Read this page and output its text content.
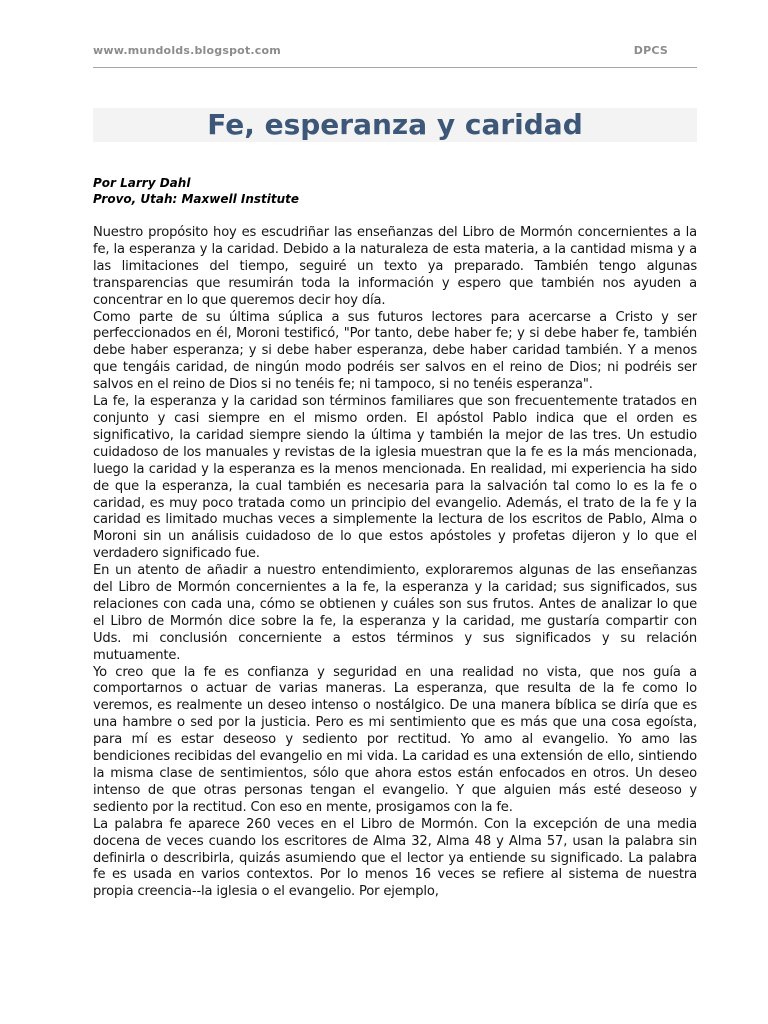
www.mundolds.blogspot.com	DPCS
Fe, esperanza y caridad
Por Larry Dahl
Provo, Utah: Maxwell Institute

Nuestro propósito hoy es escudriñar las enseñanzas del Libro de Mormón concernientes a la fe, la esperanza y la caridad. Debido a la naturaleza de esta materia, a la cantidad misma y a las limitaciones del tiempo, seguiré un texto ya preparado. También tengo algunas transparencias que resumirán toda la información y espero que también nos ayuden a concentrar en lo que queremos decir hoy día.

Como parte de su última súplica a sus futuros lectores para acercarse a Cristo y ser perfeccionados en él, Moroni testificó, "Por tanto, debe haber fe; y si debe haber fe, también debe haber esperanza; y si debe haber esperanza, debe haber caridad también. Y a menos que tengáis caridad, de ningún modo podréis ser salvos en el reino de Dios; ni podréis ser salvos en el reino de Dios si no tenéis fe; ni tampoco, si no tenéis esperanza".

La fe, la esperanza y la caridad son términos familiares que son frecuentemente tratados en conjunto y casi siempre en el mismo orden. El apóstol Pablo indica que el orden es significativo, la caridad siempre siendo la última y también la mejor de las tres. Un estudio cuidadoso de los manuales y revistas de la iglesia muestran que la fe es la más mencionada, luego la caridad y la esperanza es la menos mencionada. En realidad, mi experiencia ha sido de que la esperanza, la cual también es necesaria para la salvación tal como lo es la fe o caridad, es muy poco tratada como un principio del evangelio. Además, el trato de la fe y la caridad es limitado muchas veces a simplemente la lectura de los escritos de Pablo, Alma o Moroni sin un análisis cuidadoso de lo que estos apóstoles y profetas dijeron y lo que el verdadero significado fue.

En un atento de añadir a nuestro entendimiento, exploraremos algunas de las enseñanzas del Libro de Mormón concernientes a la fe, la esperanza y la caridad; sus significados, sus relaciones con cada una, cómo se obtienen y cuáles son sus frutos. Antes de analizar lo que el Libro de Mormón dice sobre la fe, la esperanza y la caridad, me gustaría compartir con Uds. mi conclusión concerniente a estos términos y sus significados y su relación mutuamente.

Yo creo que la fe es confianza y seguridad en una realidad no vista, que nos guía a comportarnos o actuar de varias maneras. La esperanza, que resulta de la fe como lo veremos, es realmente un deseo intenso o nostálgico. De una manera bíblica se diría que es una hambre o sed por la justicia. Pero es mi sentimiento que es más que una cosa egoísta, para mí es estar deseoso y sediento por rectitud. Yo amo al evangelio. Yo amo las bendiciones recibidas del evangelio en mi vida. La caridad es una extensión de ello, sintiendo la misma clase de sentimientos, sólo que ahora estos están enfocados en otros. Un deseo intenso de que otras personas tengan el evangelio. Y que alguien más esté deseoso y sediento por la rectitud. Con eso en mente, prosigamos con la fe.

La palabra fe aparece 260 veces en el Libro de Mormón. Con la excepción de una media docena de veces cuando los escritores de Alma 32, Alma 48 y Alma 57, usan la palabra sin definirla o describirla, quizás asumiendo que el lector ya entiende su significado. La palabra fe es usada en varios contextos. Por lo menos 16 veces se refiere al sistema de nuestra propia creencia--la iglesia o el evangelio. Por ejemplo,
